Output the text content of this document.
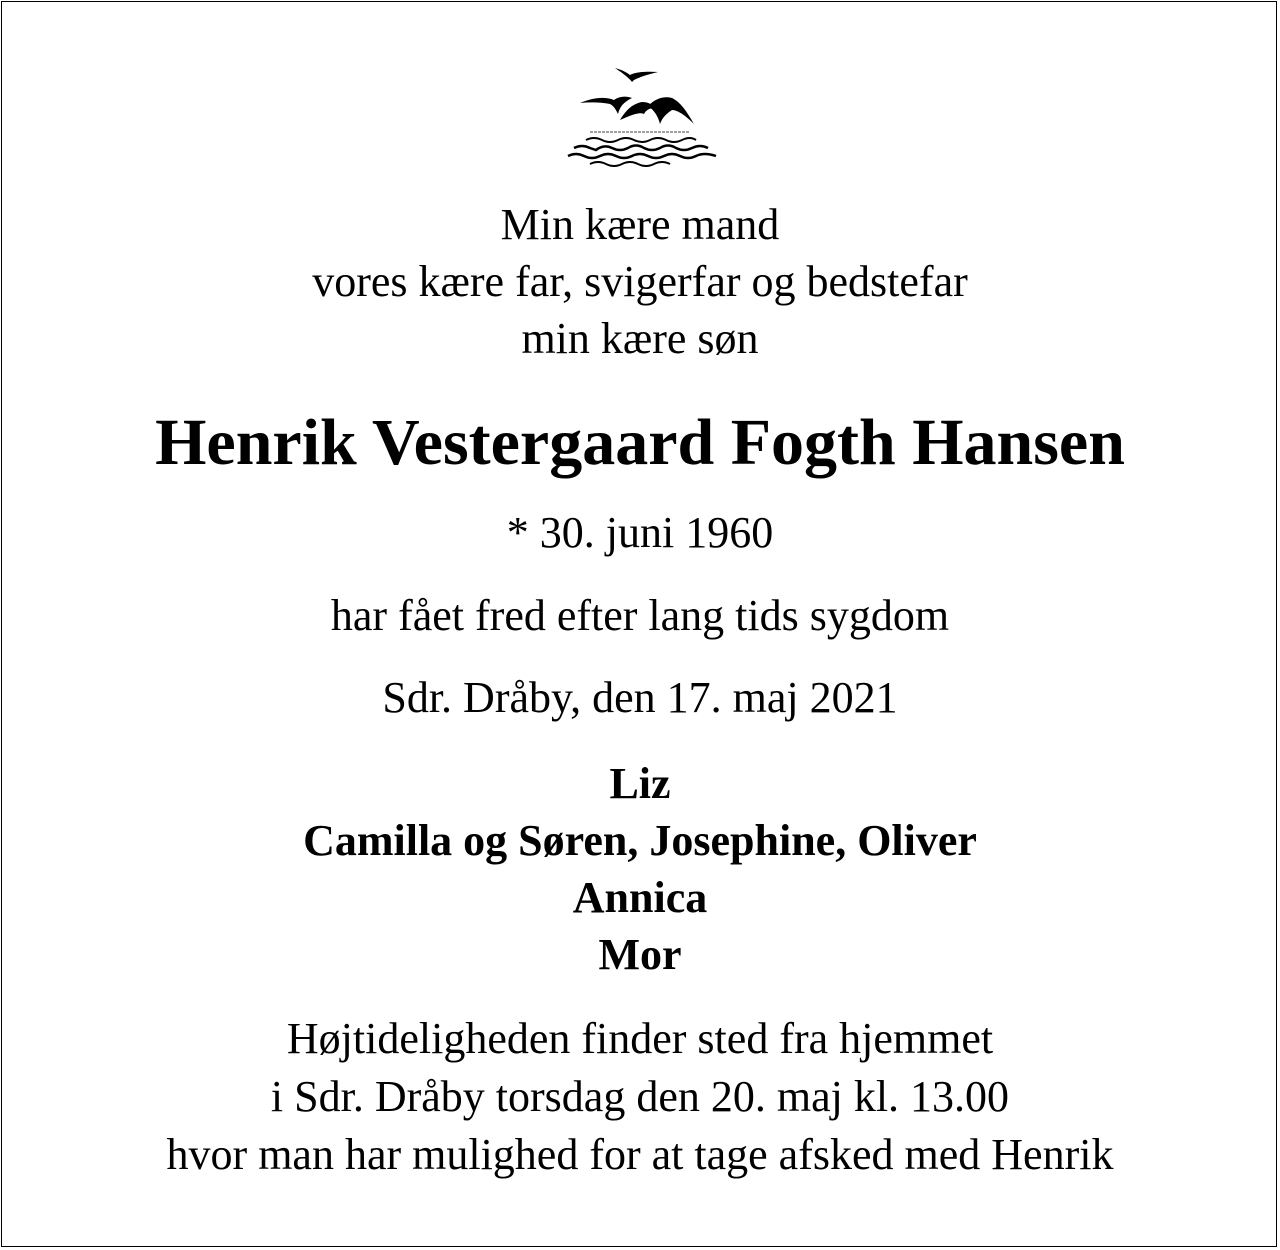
Min kære mand
vores kære far, svigerfar og bedstefar
min kære søn
Henrik Vestergaard Fogth Hansen
* 30. juni 1960
har fået fred efter lang tids sygdom
Sdr. Dråby, den 17. maj 2021
Liz
Camilla og Søren, Josephine, Oliver
Annica
Mor
Højtideligheden finder sted fra hjemmet
i Sdr. Dråby torsdag den 20. maj kl. 13.00
hvor man har mulighed for at tage afsked med Henrik
